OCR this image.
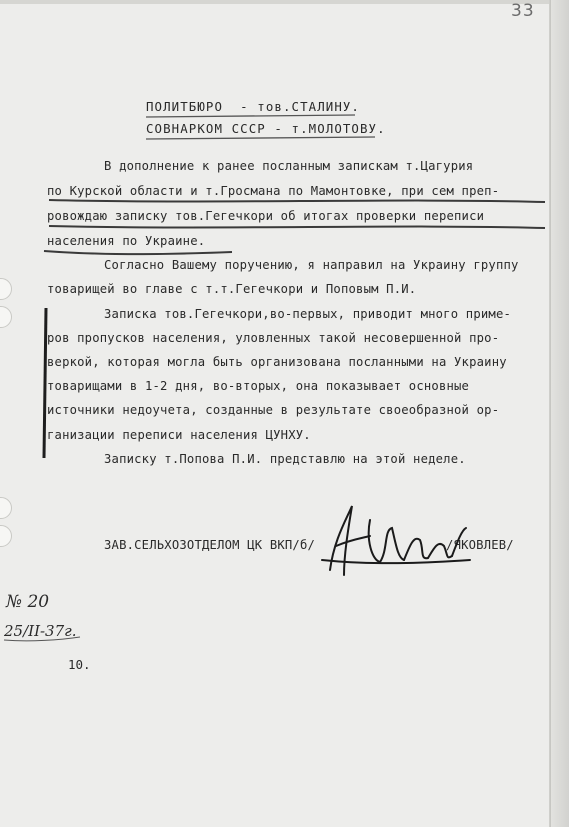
33
ПОЛИТБЮРО  - тов.СТАЛИНУ.
СОВНАРКОМ СССР - т.МОЛОТОВУ.
В дополнение к ранее посланным запискам т.Цагурия
по Курской области и т.Гросмана по Мамонтовке, при сем преп-
ровождаю записку тов.Гегечкори об итогах проверки переписи
населения по Украине.
Согласно Вашему поручению, я направил на Украину группу
товарищей во главе с т.т.Гегечкори и Поповым П.И.
Записка тов.Гегечкори,во-первых, приводит много приме-
ров пропусков населения, уловленных такой несовершенной про-
веркой, которая могла быть организована посланными на Украину
товарищами в 1-2 дня, во-вторых, она показывает основные
источники недоучета, созданные в результате своеобразной ор-
ганизации переписи населения ЦУНХУ.
Записку т.Попова П.И. представлю на этой неделе.
ЗАВ.СЕЛЬХОЗОТДЕЛОМ ЦК ВКП/б/	/ЯКОВЛЕВ/
№ 20
25/II-37г.
10.
